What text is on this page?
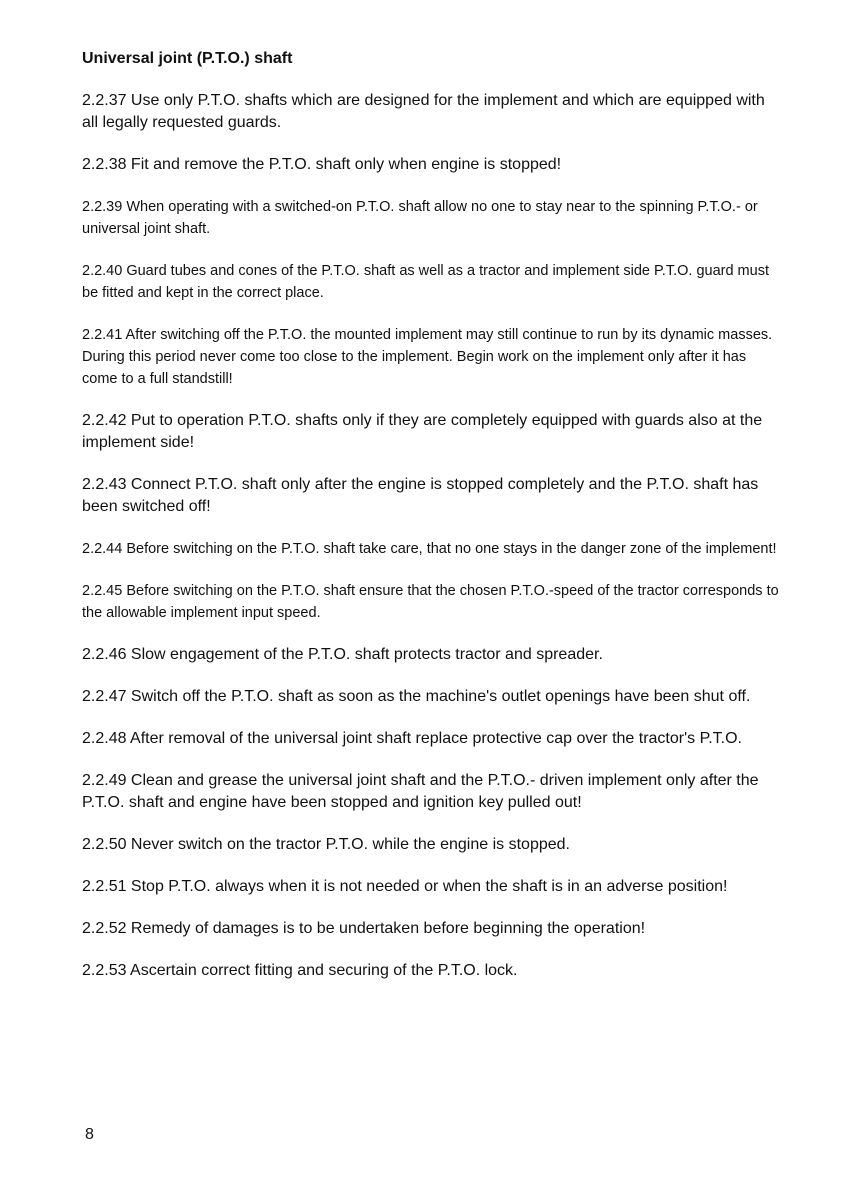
Universal joint (P.T.O.) shaft

2.2.37 Use only P.T.O. shafts which are designed for the implement and which are equipped with all legally requested guards.

2.2.38 Fit and remove the P.T.O. shaft only when engine is stopped!

2.2.39 When operating with a switched-on P.T.O. shaft allow no one to stay near to the spinning P.T.O.- or universal joint shaft.

2.2.40 Guard tubes and cones of the P.T.O. shaft as well as a tractor and implement side P.T.O. guard must be fitted and kept in the correct place.

2.2.41 After switching off the P.T.O. the mounted implement may still continue to run by its dynamic masses. During this period never come too close to the implement. Begin work on the implement only after it has come to a full standstill!

2.2.42 Put to operation P.T.O. shafts only if they are completely equipped with guards also at the implement side!

2.2.43 Connect P.T.O. shaft only after the engine is stopped completely and the P.T.O. shaft has been switched off!

2.2.44 Before switching on the P.T.O. shaft take care, that no one stays in the danger zone of the implement!

2.2.45 Before switching on the P.T.O. shaft ensure that the chosen P.T.O.-speed of the tractor corresponds to the allowable implement input speed.

2.2.46 Slow engagement of the P.T.O. shaft protects tractor and spreader.

2.2.47 Switch off the P.T.O. shaft as soon as the machine's outlet openings have been shut off.

2.2.48 After removal of the universal joint shaft replace protective cap over the tractor's P.T.O.

2.2.49 Clean and grease the universal joint shaft and the P.T.O.- driven implement only after the P.T.O. shaft and engine have been stopped and ignition key pulled out!

2.2.50 Never switch on the tractor P.T.O. while the engine is stopped.

2.2.51 Stop P.T.O. always when it is not needed or when the shaft is in an adverse position!

2.2.52 Remedy of damages is to be undertaken before beginning the operation!

2.2.53 Ascertain correct fitting and securing of the P.T.O. lock.

8
